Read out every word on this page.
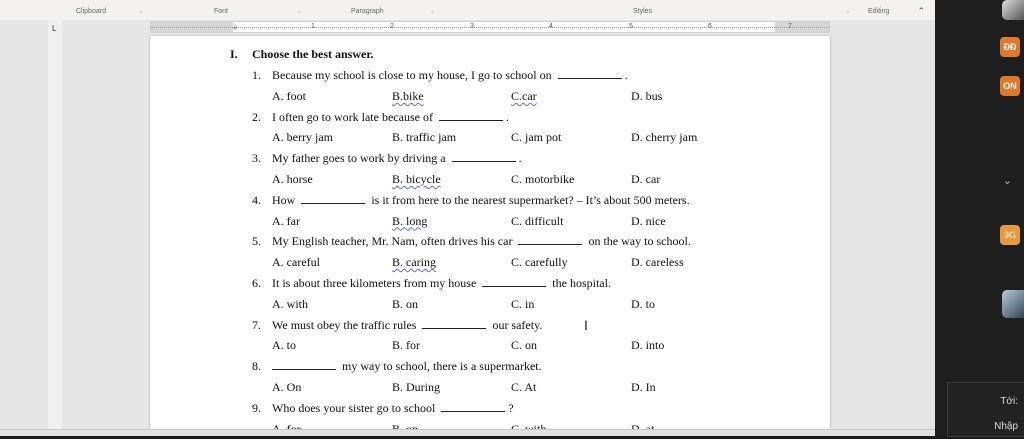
Clipboard	⌟	Font	⌟	Paragraph	⌟	Styles	⌟	Editing	⌃
L	⏚	1	2	3	4	5	6	7
I. Choose the best answer.
1. Because my school is close to my house, I go to school on	.
A. foot	B.bike	C.car	D. bus
2. I often go to work late because of	.
A. berry jam	B. traffic jam	C. jam pot	D. cherry jam
3. My father goes to work by driving a	.
A. horse	B. bicycle	C. motorbike	D. car
4. How	is it from here to the nearest supermarket? – It’s about 500 meters.
A. far	B. long	C. difficult	D. nice
5. My English teacher, Mr. Nam, often drives his car	on the way to school.
A. careful	B. caring	C. carefully	D. careless
6. It is about three kilometers from my house	the hospital.
A. with	B. on	C. in	D. to
7. We must obey the traffic rules	our safety.	I
A. to	B. for	C. on	D. into
8.	my way to school, there is a supermarket.
A. On	B. During	C. At	D. In
9. Who does your sister go to school	?
ĐĐ
ON
⌄
3G
Tới:
Nhập
